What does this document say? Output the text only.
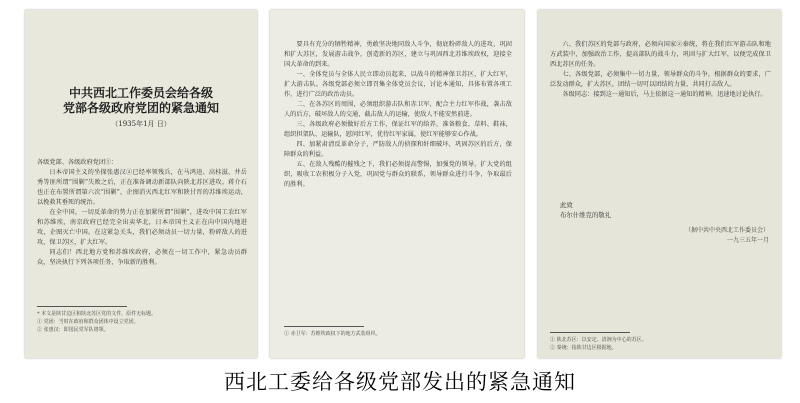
中共西北工作委员会给各级
党部各级政府党团的紧急通知
（1935年1月 日）

各级党部、各级政府党团①：

日本帝国主义的坐探张惠汉②已经率领残兵，在马鸿逵、高桂滋、井岳秀等匪所谓“围剿”失败之后，正在准备调动新部队向陕北苏区进攻。蒋介石也正在布置所谓第六次“围剿”，企图消灭西北红军和陕甘晋的苏维埃运动，以挽救其垂死的统治。

在全中国，一切反革命的势力正在加紧所谓“围剿”，进攻中国工农红军和苏维埃，南京政府已经完全出卖华北，日本帝国主义正在向中国内地进攻，企图灭亡中国。在这紧急关头，我们必须动员一切力量，粉碎敌人的进攻，保卫苏区，扩大红军。

同志们！西北地方党和苏维埃政府，必须在一切工作中，紧急动员群众，坚决执行下列各项任务，争取新的胜利。

* 本文是陕甘边区和陕北苏区党的文件，原件无标题。

① 党团：当时在政府和群众团体中设立党团。

② 张惠汉：即国民党军队将领。

要具有充分的牺牲精神，勇敢坚决地同敌人斗争，彻底粉碎敌人的进攻，巩固和扩大苏区，发展游击战争，创造新的苏区，建立与巩固西北苏维埃政权，迎接全国大革命的到来。

一、全体党员与全体人民立即动员起来，以战斗的精神保卫苏区，扩大红军，扩大游击队。各级党部必须立即召集全体党员会议，讨论本通知，具体布置各项工作，进行广泛的政治动员。

二、在各苏区的周围，必须组织游击队和赤卫军，配合主力红军作战，袭击敌人的后方，破坏敌人的交通，截击敌人的运输，使敌人不能安然前进。

三、各级政府必须做好后方工作，保证红军的给养，准备粮食、草料、鞋袜，组织担架队、运输队，慰问红军，优待红军家属，使红军能够安心作战。

四、加紧肃清反革命分子，严防敌人的侦探和奸细破坏，巩固苏区的后方，保障群众的利益。

五、在敌人残酷的摧残之下，我们必须提高警惕，加强党的领导，扩大党的组织，吸收工农积极分子入党，巩固党与群众的联系，领导群众进行斗争，争取最后的胜利。

① 赤卫军：苏维埃政权下的地方武装组织。

六、我们苏区的党部与政府，必须向国家②秦统，将在我们红军游击队和地方武装中，加强政治工作，提高部队的战斗力，巩固与扩大红军，以便完成保卫西北苏区的任务。

七、各级党部，必须集中一切力量，领导群众的斗争，根据群众的要求，广泛发动群众，扩大苏区，团结一切可以团结的力量，共同打击敌人。

各级同志：接到这一通知后，马上依据这一通知的精神，迅速地讨论执行。

此致
布尔什维克的敬礼

（据中共中央西北工作委员会）

一九三五年一月

① 陕北苏区：以安定、清涧为中心的苏区。

② 秦统：指陕甘边区根据地。

西北工委给各级党部发出的紧急通知
